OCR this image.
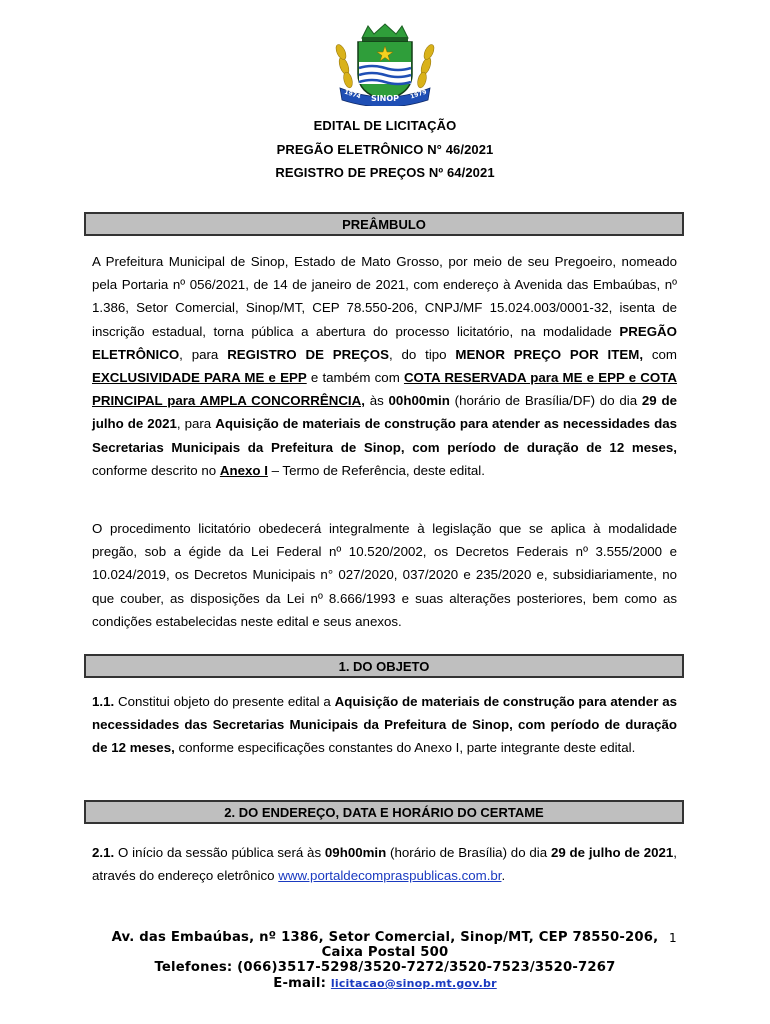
SINOP
1974	1979
EDITAL DE LICITAÇÃO
PREGÃO ELETRÔNICO N° 46/2021
REGISTRO DE PREÇOS Nº 64/2021
PREÂMBULO

A Prefeitura Municipal de Sinop, Estado de Mato Grosso, por meio de seu Pregoeiro, nomeado pela Portaria nº 056/2021, de 14 de janeiro de 2021, com endereço à Avenida das Embaúbas, nº 1.386, Setor Comercial, Sinop/MT, CEP 78.550-206, CNPJ/MF 15.024.003/0001-32, isenta de inscrição estadual, torna pública a abertura do processo licitatório, na modalidade PREGÃO ELETRÔNICO, para REGISTRO DE PREÇOS, do tipo MENOR PREÇO POR ITEM, com EXCLUSIVIDADE PARA ME e EPP e também com COTA RESERVADA para ME e EPP e COTA PRINCIPAL para AMPLA CONCORRÊNCIA, às 00h00min (horário de Brasília/DF) do dia 29 de julho de 2021, para Aquisição de materiais de construção para atender as necessidades das Secretarias Municipais da Prefeitura de Sinop, com período de duração de 12 meses, conforme descrito no Anexo I – Termo de Referência, deste edital.

O procedimento licitatório obedecerá integralmente à legislação que se aplica à modalidade pregão, sob a égide da Lei Federal nº 10.520/2002, os Decretos Federais nº 3.555/2000 e 10.024/2019, os Decretos Municipais n° 027/2020, 037/2020 e 235/2020 e, subsidiariamente, no que couber, as disposições da Lei nº 8.666/1993 e suas alterações posteriores, bem como as condições estabelecidas neste edital e seus anexos.

1. DO OBJETO

1.1. Constitui objeto do presente edital a Aquisição de materiais de construção para atender as necessidades das Secretarias Municipais da Prefeitura de Sinop, com período de duração de 12 meses, conforme especificações constantes do Anexo I, parte integrante deste edital.

2. DO ENDEREÇO, DATA E HORÁRIO DO CERTAME

2.1. O início da sessão pública será às 09h00min (horário de Brasília) do dia 29 de julho de 2021, através do endereço eletrônico www.portaldecompraspublicas.com.br.

Av. das Embaúbas, nº 1386, Setor Comercial, Sinop/MT, CEP 78550-206, 1
Caixa Postal 500
Telefones: (066)3517-5298/3520-7272/3520-7523/3520-7267
E-mail: licitacao@sinop.mt.gov.br
